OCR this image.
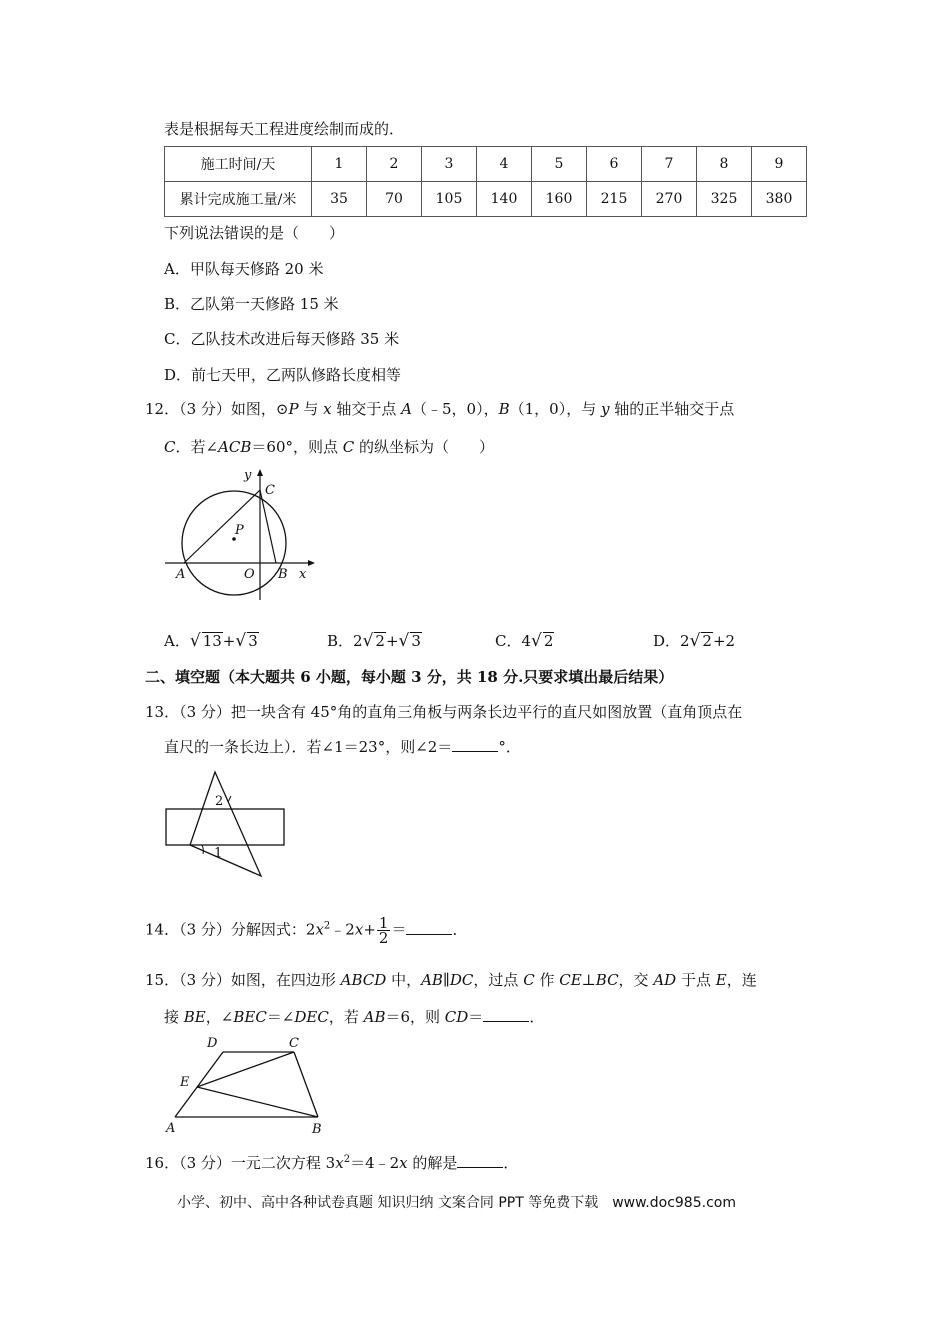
表是根据每天工程进度绘制而成的．
施工时间/天	1	2	3	4	5	6	7	8	9
累计完成施工量/米	35	70	105	140	160	215	270	325	380
下列说法错误的是（　　）
A．甲队每天修路 20 米
B．乙队第一天修路 15 米
C．乙队技术改进后每天修路 35 米
D．前七天甲，乙两队修路长度相等
12．（3 分）如图，⊙P 与 x 轴交于点 A（﹣5，0），B（1，0），与 y 轴的正半轴交于点
C．若∠ACB＝60°，则点 C 的纵坐标为（　　）
y
C
P
A	O B x
A．√ 13+√ 3	B．2√ 2+√ 3	C．4√ 2	D．2√ 2+2
二、填空题（本大题共 6 小题，每小题 3 分，共 18 分.只要求填出最后结果）
13．（3 分）把一块含有 45°角的直角三角板与两条长边平行的直尺如图放置（直角顶点在
直尺的一条长边上）．若∠1＝23°，则∠2＝	°．
2
1
14．（3 分）分解因式：$2x^2﹣2x+ \frac{1}{2}$ ＝	．
15．（3 分）如图，在四边形 ABCD 中，AB∥DC，过点 C 作 CE⊥BC，交 AD 于点 E，连
接 BE，∠BEC＝∠DEC，若 AB＝6，则 CD＝	．
D	C
E
A	B
16．（3 分）一元二次方程 $3x^2=4﹣2x$ 的解是	．
小学、初中、高中各种试卷真题 知识归纳 文案合同 PPT 等免费下载　www.doc985.com
